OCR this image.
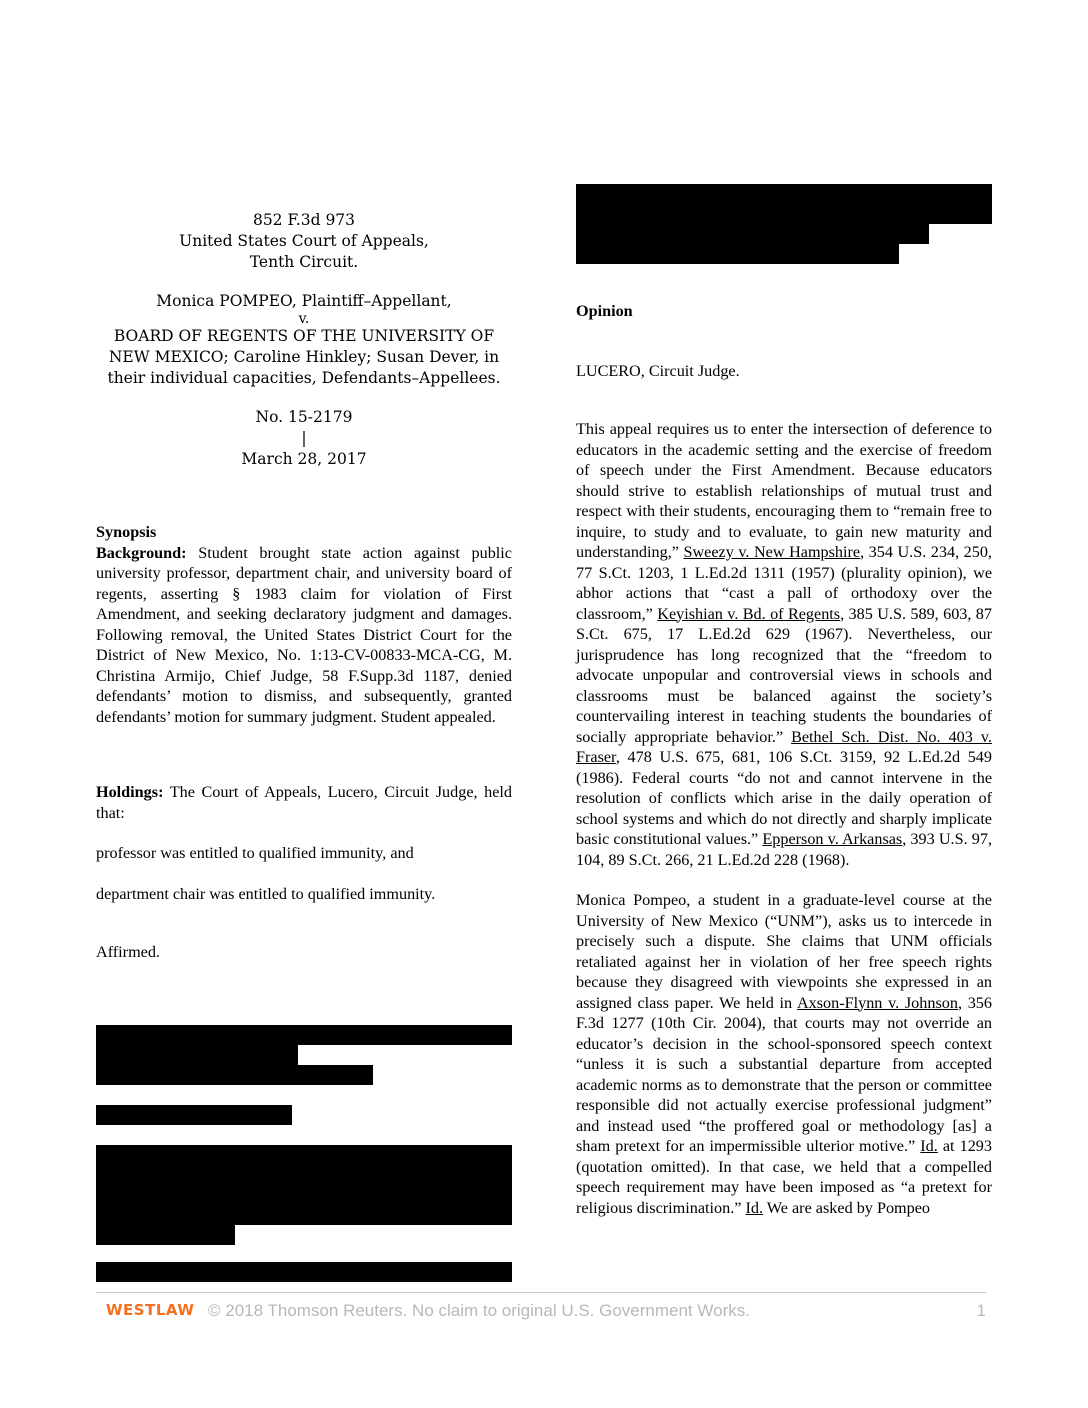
852 F.3d 973
United States Court of Appeals,
Tenth Circuit.
Monica POMPEO, Plaintiff–Appellant,
v.
BOARD OF REGENTS OF THE UNIVERSITY OF
NEW MEXICO; Caroline Hinkley; Susan Dever, in
their individual capacities, Defendants–Appellees.
No. 15-2179
|
March 28, 2017

Synopsis

Background: Student brought state action against public university professor, department chair, and university board of regents, asserting § 1983 claim for violation of First Amendment, and seeking declaratory judgment and damages. Following removal, the United States District Court for the District of New Mexico, No. 1:13-CV-00833-MCA-CG, M. Christina Armijo, Chief Judge, 58 F.Supp.3d 1187, denied defendants’ motion to dismiss, and subsequently, granted defendants’ motion for summary judgment. Student appealed.

Holdings: The Court of Appeals, Lucero, Circuit Judge, held that:

professor was entitled to qualified immunity, and

department chair was entitled to qualified immunity.

Affirmed.

Opinion

LUCERO, Circuit Judge.

This appeal requires us to enter the intersection of deference to educators in the academic setting and the exercise of freedom of speech under the First Amendment. Because educators should strive to establish relationships of mutual trust and respect with their students, encouraging them to “remain free to inquire, to study and to evaluate, to gain new maturity and understanding,” Sweezy v. New Hampshire, 354 U.S. 234, 250, 77 S.Ct. 1203, 1 L.Ed.2d 1311 (1957) (plurality opinion), we abhor actions that “cast a pall of orthodoxy over the classroom,” Keyishian v. Bd. of Regents, 385 U.S. 589, 603, 87 S.Ct. 675, 17 L.Ed.2d 629 (1967). Nevertheless, our jurisprudence has long recognized that the “freedom to advocate unpopular and controversial views in schools and classrooms must be balanced against the society’s countervailing interest in teaching students the boundaries of socially appropriate behavior.” Bethel Sch. Dist. No. 403 v. Fraser, 478 U.S. 675, 681, 106 S.Ct. 3159, 92 L.Ed.2d 549 (1986). Federal courts “do not and cannot intervene in the resolution of conflicts which arise in the daily operation of school systems and which do not directly and sharply implicate basic constitutional values.” Epperson v. Arkansas, 393 U.S. 97, 104, 89 S.Ct. 266, 21 L.Ed.2d 228 (1968).

Monica Pompeo, a student in a graduate-level course at the University of New Mexico (“UNM”), asks us to intercede in precisely such a dispute. She claims that UNM officials retaliated against her in violation of her free speech rights because they disagreed with viewpoints she expressed in an assigned class paper. We held in Axson-Flynn v. Johnson, 356 F.3d 1277 (10th Cir. 2004), that courts may not override an educator’s decision in the school-sponsored speech context “unless it is such a substantial departure from accepted academic norms as to demonstrate that the person or committee responsible did not actually exercise professional judgment” and instead used “the proffered goal or methodology [as] a sham pretext for an impermissible ulterior motive.” Id. at 1293 (quotation omitted). In that case, we held that a compelled speech requirement may have been imposed as “a pretext for religious discrimination.” Id. We are asked by Pompeo

WESTLAW © 2018 Thomson Reuters. No claim to original U.S. Government Works.	1
